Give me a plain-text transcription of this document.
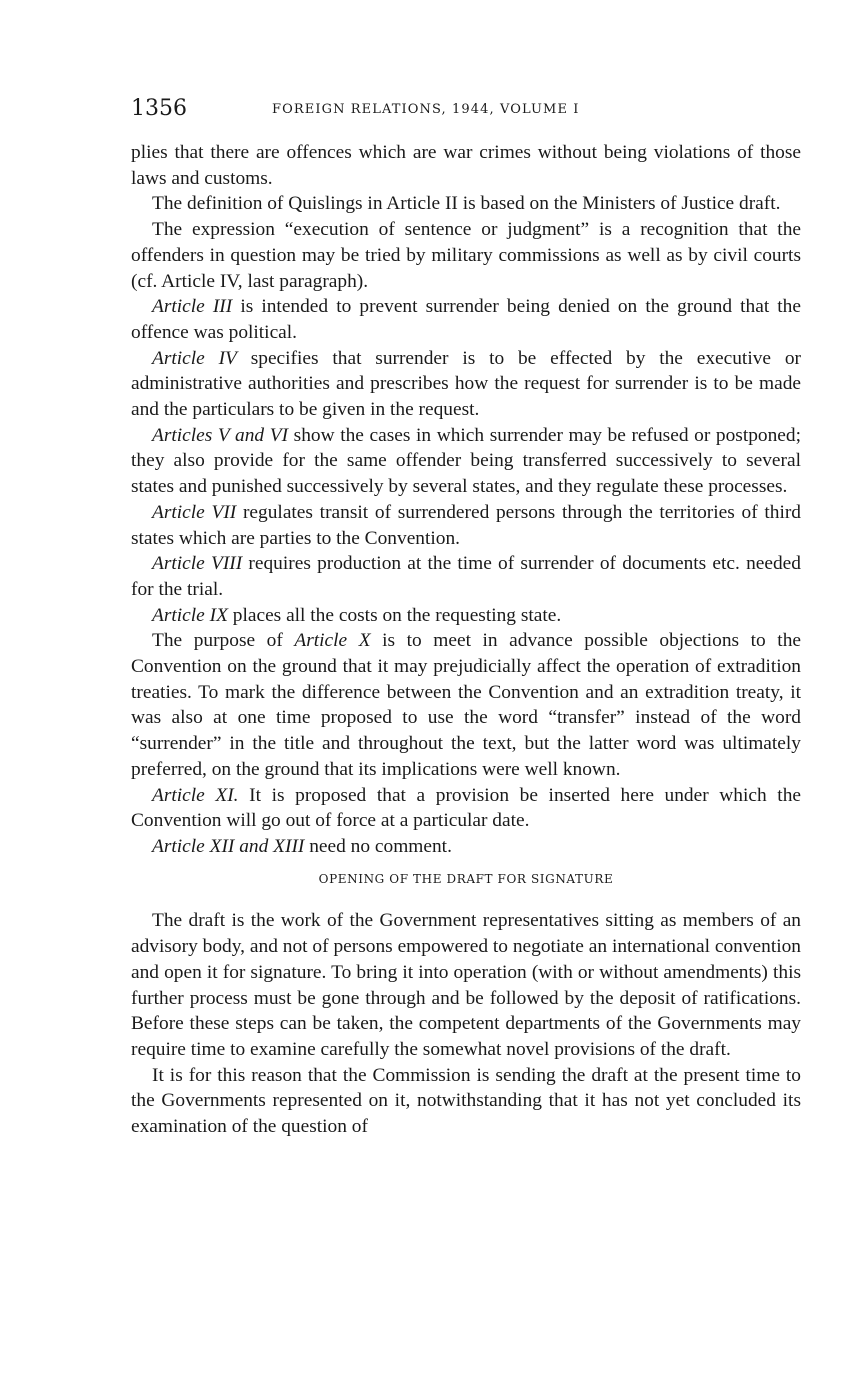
1356	FOREIGN RELATIONS, 1944, VOLUME I

plies that there are offences which are war crimes without being violations of those laws and customs.

The definition of Quislings in Article II is based on the Ministers of Justice draft.

The expression “execution of sentence or judgment” is a recognition that the offenders in question may be tried by military commissions as well as by civil courts (cf. Article IV, last paragraph).

Article III is intended to prevent surrender being denied on the ground that the offence was political.

Article IV specifies that surrender is to be effected by the executive or administrative authorities and prescribes how the request for surrender is to be made and the particulars to be given in the request.

Articles V and VI show the cases in which surrender may be refused or postponed; they also provide for the same offender being transferred successively to several states and punished successively by several states, and they regulate these processes.

Article VII regulates transit of surrendered persons through the territories of third states which are parties to the Convention.

Article VIII requires production at the time of surrender of documents etc. needed for the trial.

Article IX places all the costs on the requesting state.

The purpose of Article X is to meet in advance possible objections to the Convention on the ground that it may prejudicially affect the operation of extradition treaties. To mark the difference between the Convention and an extradition treaty, it was also at one time proposed to use the word “transfer” instead of the word “surrender” in the title and throughout the text, but the latter word was ultimately preferred, on the ground that its implications were well known.

Article XI. It is proposed that a provision be inserted here under which the Convention will go out of force at a particular date.

Article XII and XIII need no comment.

OPENING OF THE DRAFT FOR SIGNATURE

The draft is the work of the Government representatives sitting as members of an advisory body, and not of persons empowered to negotiate an international convention and open it for signature. To bring it into operation (with or without amendments) this further process must be gone through and be followed by the deposit of ratifications. Before these steps can be taken, the competent departments of the Governments may require time to examine carefully the somewhat novel provisions of the draft.

It is for this reason that the Commission is sending the draft at the present time to the Governments represented on it, notwithstanding that it has not yet concluded its examination of the question of
